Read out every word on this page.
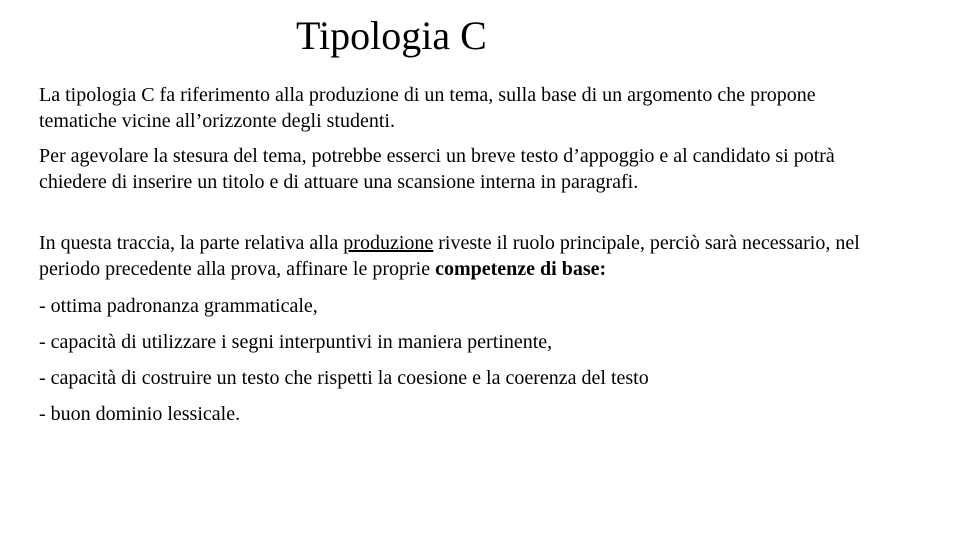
Tipologia C

La tipologia C fa riferimento alla produzione di un tema, sulla base di un argomento che propone tematiche vicine all’orizzonte degli studenti.

Per agevolare la stesura del tema, potrebbe esserci un breve testo d’appoggio e al candidato si potrà chiedere di inserire un titolo e di attuare una scansione interna in paragrafi.

In questa traccia, la parte relativa alla produzione riveste il ruolo principale, perciò sarà necessario, nel periodo precedente alla prova, affinare le proprie competenze di base:

- ottima padronanza grammaticale,

- capacità di utilizzare i segni interpuntivi in maniera pertinente,

- capacità di costruire un testo che rispetti la coesione e la coerenza del testo

- buon dominio lessicale.
